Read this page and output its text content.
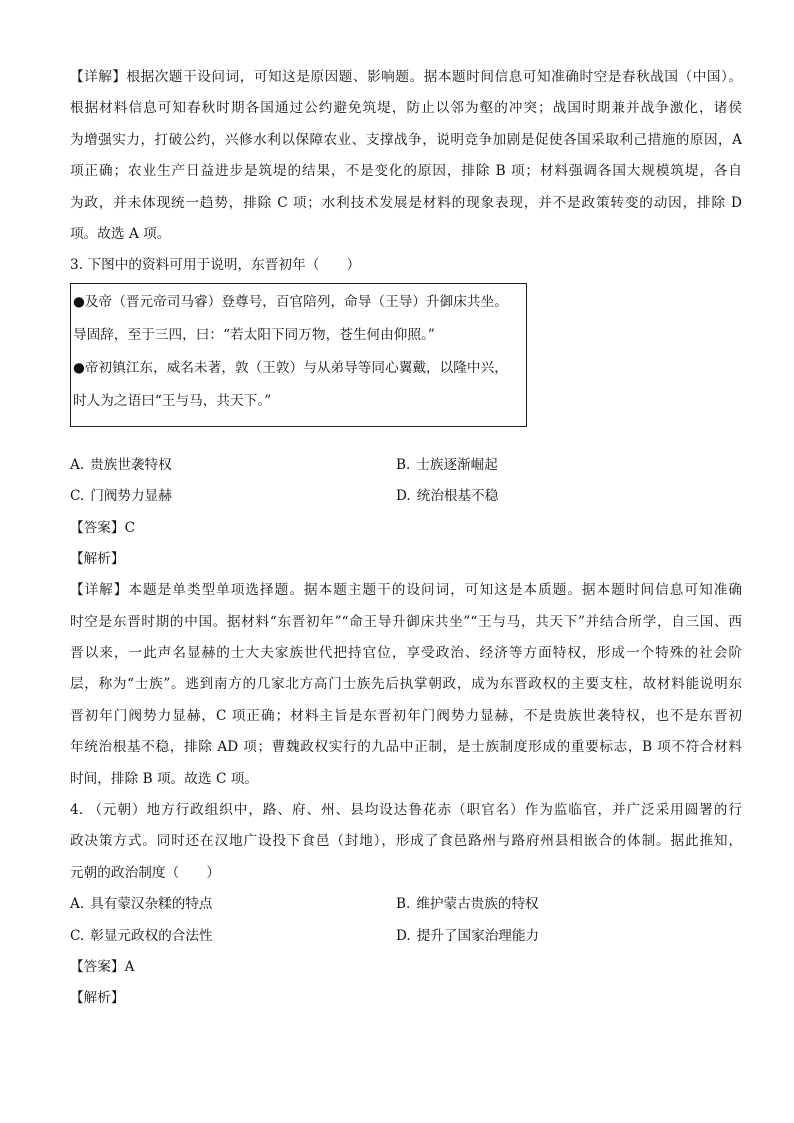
【详解】根据次题干设问词，可知这是原因题、影响题。据本题时间信息可知准确时空是春秋战国（中国）。
根据材料信息可知春秋时期各国通过公约避免筑堤，防止以邻为壑的冲突；战国时期兼并战争激化，诸侯
为增强实力，打破公约，兴修水利以保障农业、支撑战争，说明竞争加剧是促使各国采取利己措施的原因，A
项正确；农业生产日益进步是筑堤的结果，不是变化的原因，排除 B 项；材料强调各国大规模筑堤，各自
为政，并未体现统一趋势，排除 C 项；水利技术发展是材料的现象表现，并不是政策转变的动因，排除 D
项。故选 A 项。
3. 下图中的资料可用于说明，东晋初年（　　）
●及帝（晋元帝司马睿）登尊号，百官陪列，命导（王导）升御床共坐。
导固辞，至于三四，曰：“若太阳下同万物，苍生何由仰照。”
●帝初镇江东，威名未著，敦（王敦）与从弟导等同心翼戴，以隆中兴，
时人为之语曰“王与马，共天下。”
A. 贵族世袭特权	B. 士族逐渐崛起
C. 门阀势力显赫	D. 统治根基不稳
【答案】C
【解析】
【详解】本题是单类型单项选择题。据本题主题干的设问词，可知这是本质题。据本题时间信息可知准确
时空是东晋时期的中国。据材料“东晋初年”“命王导升御床共坐”“王与马，共天下”并结合所学，自三国、西
晋以来，一此声名显赫的士大夫家族世代把持官位，享受政治、经济等方面特权，形成一个特殊的社会阶
层，称为“士族”。逃到南方的几家北方高门士族先后执掌朝政，成为东晋政权的主要支柱，故材料能说明东
晋初年门阀势力显赫，C 项正确；材料主旨是东晋初年门阀势力显赫，不是贵族世袭特权，也不是东晋初
年统治根基不稳，排除 AD 项；曹魏政权实行的九品中正制，是士族制度形成的重要标志，B 项不符合材料
时间，排除 B 项。故选 C 项。
4. （元朝）地方行政组织中，路、府、州、县均设达鲁花赤（职官名）作为监临官，并广泛采用圆署的行
政决策方式。同时还在汉地广设投下食邑（封地），形成了食邑路州与路府州县相嵌合的体制。据此推知，
元朝的政治制度（　　）
A. 具有蒙汉杂糅的特点	B. 维护蒙古贵族的特权
C. 彰显元政权的合法性	D. 提升了国家治理能力
【答案】A
【解析】
